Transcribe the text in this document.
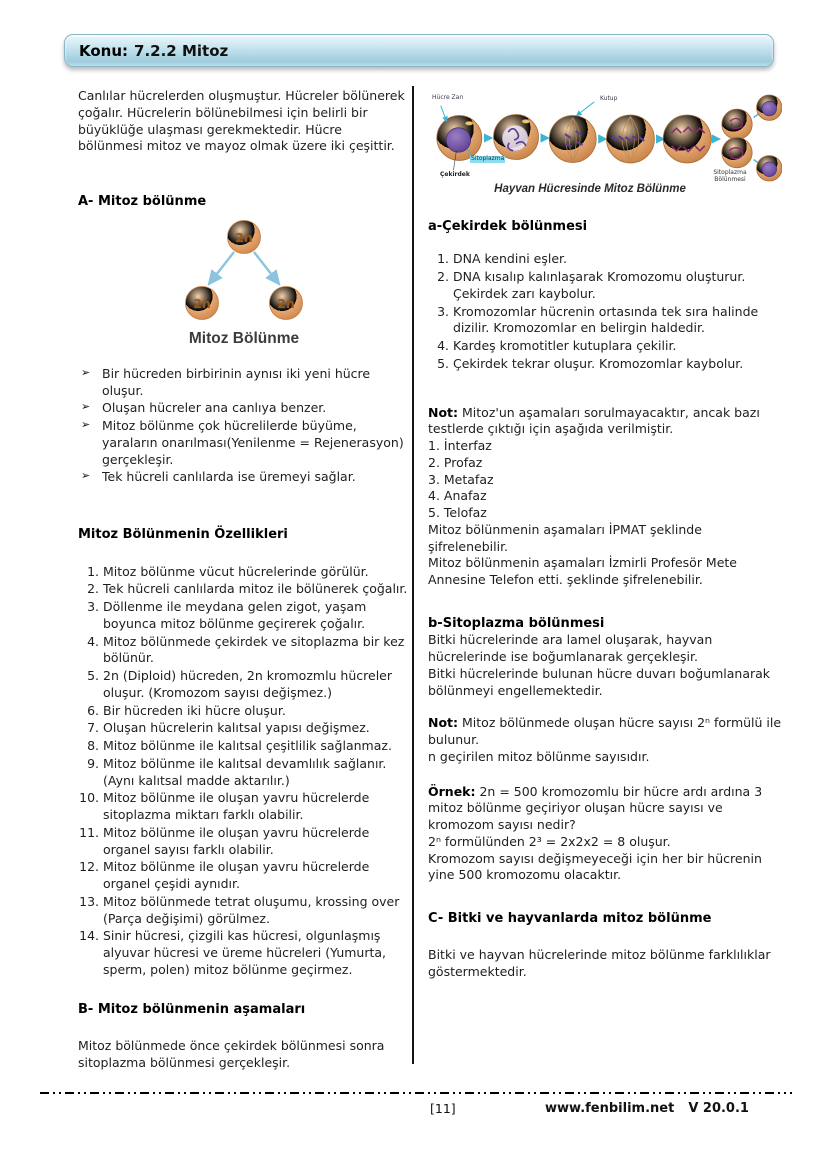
Konu: 7.2.2 Mitoz

Canlılar hücrelerden oluşmuştur. Hücreler bölünerek çoğalır. Hücrelerin bölünebilmesi için belirli bir büyüklüğe ulaşması gerekmektedir. Hücre bölünmesi mitoz ve mayoz olmak üzere iki çeşittir.

A- Mitoz bölünme

2n
2n	2n
Mitoz Bölünme
➢ Bir hücreden birbirinin aynısı iki yeni hücre oluşur.
➢ Oluşan hücreler ana canlıya benzer.
➢ Mitoz bölünme çok hücrelilerde büyüme, yaraların onarılması(Yenilenme = Rejenerasyon) gerçekleşir.
➢ Tek hücreli canlılarda ise üremeyi sağlar.

Mitoz Bölünmenin Özellikleri

1. Mitoz bölünme vücut hücrelerinde görülür.
2. Tek hücreli canlılarda mitoz ile bölünerek çoğalır.
3. Döllenme ile meydana gelen zigot, yaşam boyunca mitoz bölünme geçirerek çoğalır.
4. Mitoz bölünmede çekirdek ve sitoplazma bir kez bölünür.
5. 2n (Diploid) hücreden, 2n kromozmlu hücreler oluşur. (Kromozom sayısı değişmez.)
6. Bir hücreden iki hücre oluşur.
7. Oluşan hücrelerin kalıtsal yapısı değişmez.
8. Mitoz bölünme ile kalıtsal çeşitlilik sağlanmaz.
9. Mitoz bölünme ile kalıtsal devamlılık sağlanır. (Aynı kalıtsal madde aktarılır.)
10. Mitoz bölünme ile oluşan yavru hücrelerde sitoplazma miktarı farklı olabilir.
11. Mitoz bölünme ile oluşan yavru hücrelerde organel sayısı farklı olabilir.
12. Mitoz bölünme ile oluşan yavru hücrelerde organel çeşidi aynıdır.
13. Mitoz bölünmede tetrat oluşumu, krossing over (Parça değişimi) görülmez.
14. Sinir hücresi, çizgili kas hücresi, olgunlaşmış alyuvar hücresi ve üreme hücreleri (Yumurta, sperm, polen) mitoz bölünme geçirmez.

B- Mitoz bölünmenin aşamaları

Mitoz bölünmede önce çekirdek bölünmesi sonra sitoplazma bölünmesi gerçekleşir.

Hücre Zarı
Sitoplazma
Çekirdek
Kutup
Sitoplazma Bölünmesi
Hayvan Hücresinde Mitoz Bölünme

a-Çekirdek bölünmesi

1. DNA kendini eşler.
2. DNA kısalıp kalınlaşarak Kromozomu oluşturur. Çekirdek zarı kaybolur.
3. Kromozomlar hücrenin ortasında tek sıra halinde dizilir. Kromozomlar en belirgin haldedir.
4. Kardeş kromotitler kutuplara çekilir.
5. Çekirdek tekrar oluşur. Kromozomlar kaybolur.

Not: Mitoz'un aşamaları sorulmayacaktır, ancak bazı testlerde çıktığı için aşağıda verilmiştir.

1. İnterfaz

2. Profaz

3. Metafaz

4. Anafaz

5. Telofaz

Mitoz bölünmenin aşamaları İPMAT şeklinde şifrelenebilir.

Mitoz bölünmenin aşamaları İzmirli Profesör Mete Annesine Telefon etti. şeklinde şifrelenebilir.

b-Sitoplazma bölünmesi

Bitki hücrelerinde ara lamel oluşarak, hayvan hücrelerinde ise boğumlanarak gerçekleşir.

Bitki hücrelerinde bulunan hücre duvarı boğumlanarak bölünmeyi engellemektedir.

Not: Mitoz bölünmede oluşan hücre sayısı 2ⁿ formülü ile bulunur.

n geçirilen mitoz bölünme sayısıdır.

Örnek: 2n = 500 kromozomlu bir hücre ardı ardına 3 mitoz bölünme geçiriyor oluşan hücre sayısı ve kromozom sayısı nedir?

2ⁿ formülünden 2³ = 2x2x2 = 8 oluşur.

Kromozom sayısı değişmeyeceği için her bir hücrenin yine 500 kromozomu olacaktır.

C- Bitki ve hayvanlarda mitoz bölünme

Bitki ve hayvan hücrelerinde mitoz bölünme farklılıklar göstermektedir.

[11]	www.fenbilim.net V 20.0.1
